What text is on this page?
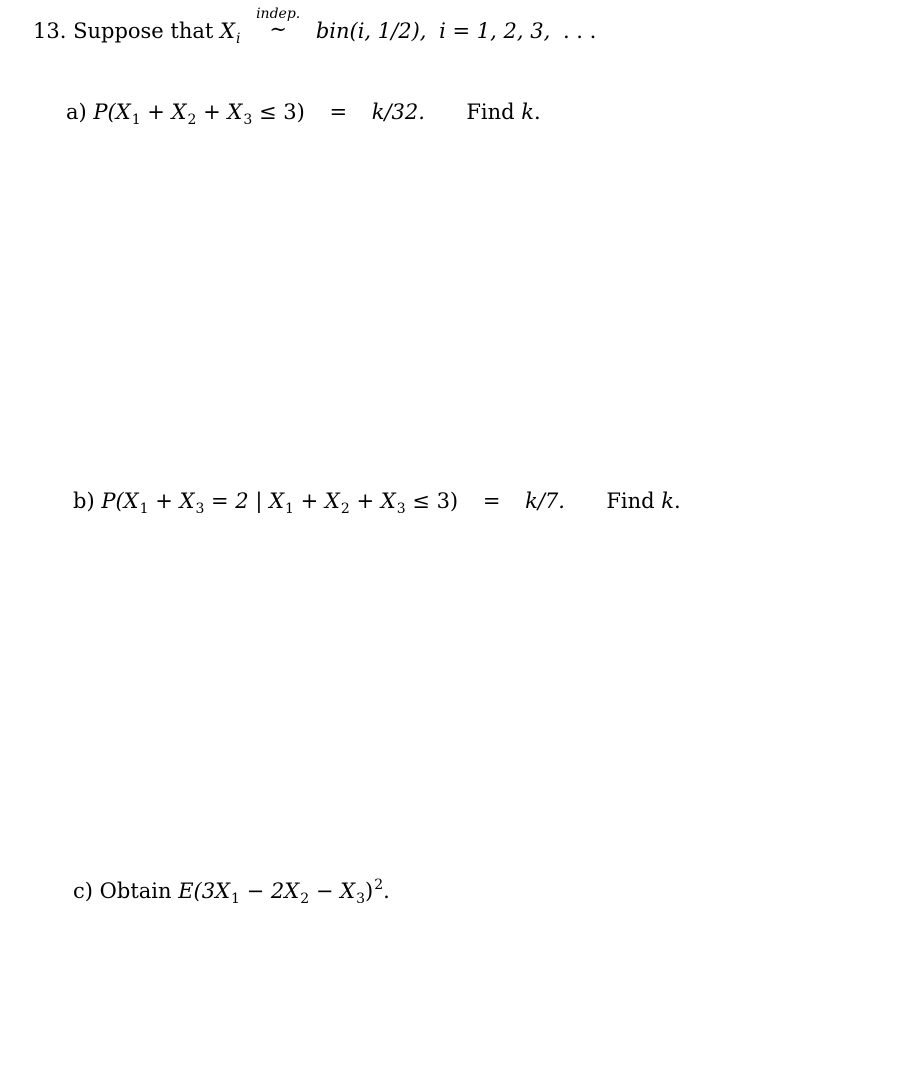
13. Suppose that $X_i$
indep.
∼ bin(i, 1/2), i = 1, 2, 3, . . .
a) $P(X_1 + X_2 + X_3 \le 3) = k/32$. Find k.
b) $P(X_1 + X_3 = 2$ | $X_1 + X_2 + X_3 \le 3) = k/7$. Find k.
c) Obtain $E(3X_1 - 2X_2 - X_3)^2$.
